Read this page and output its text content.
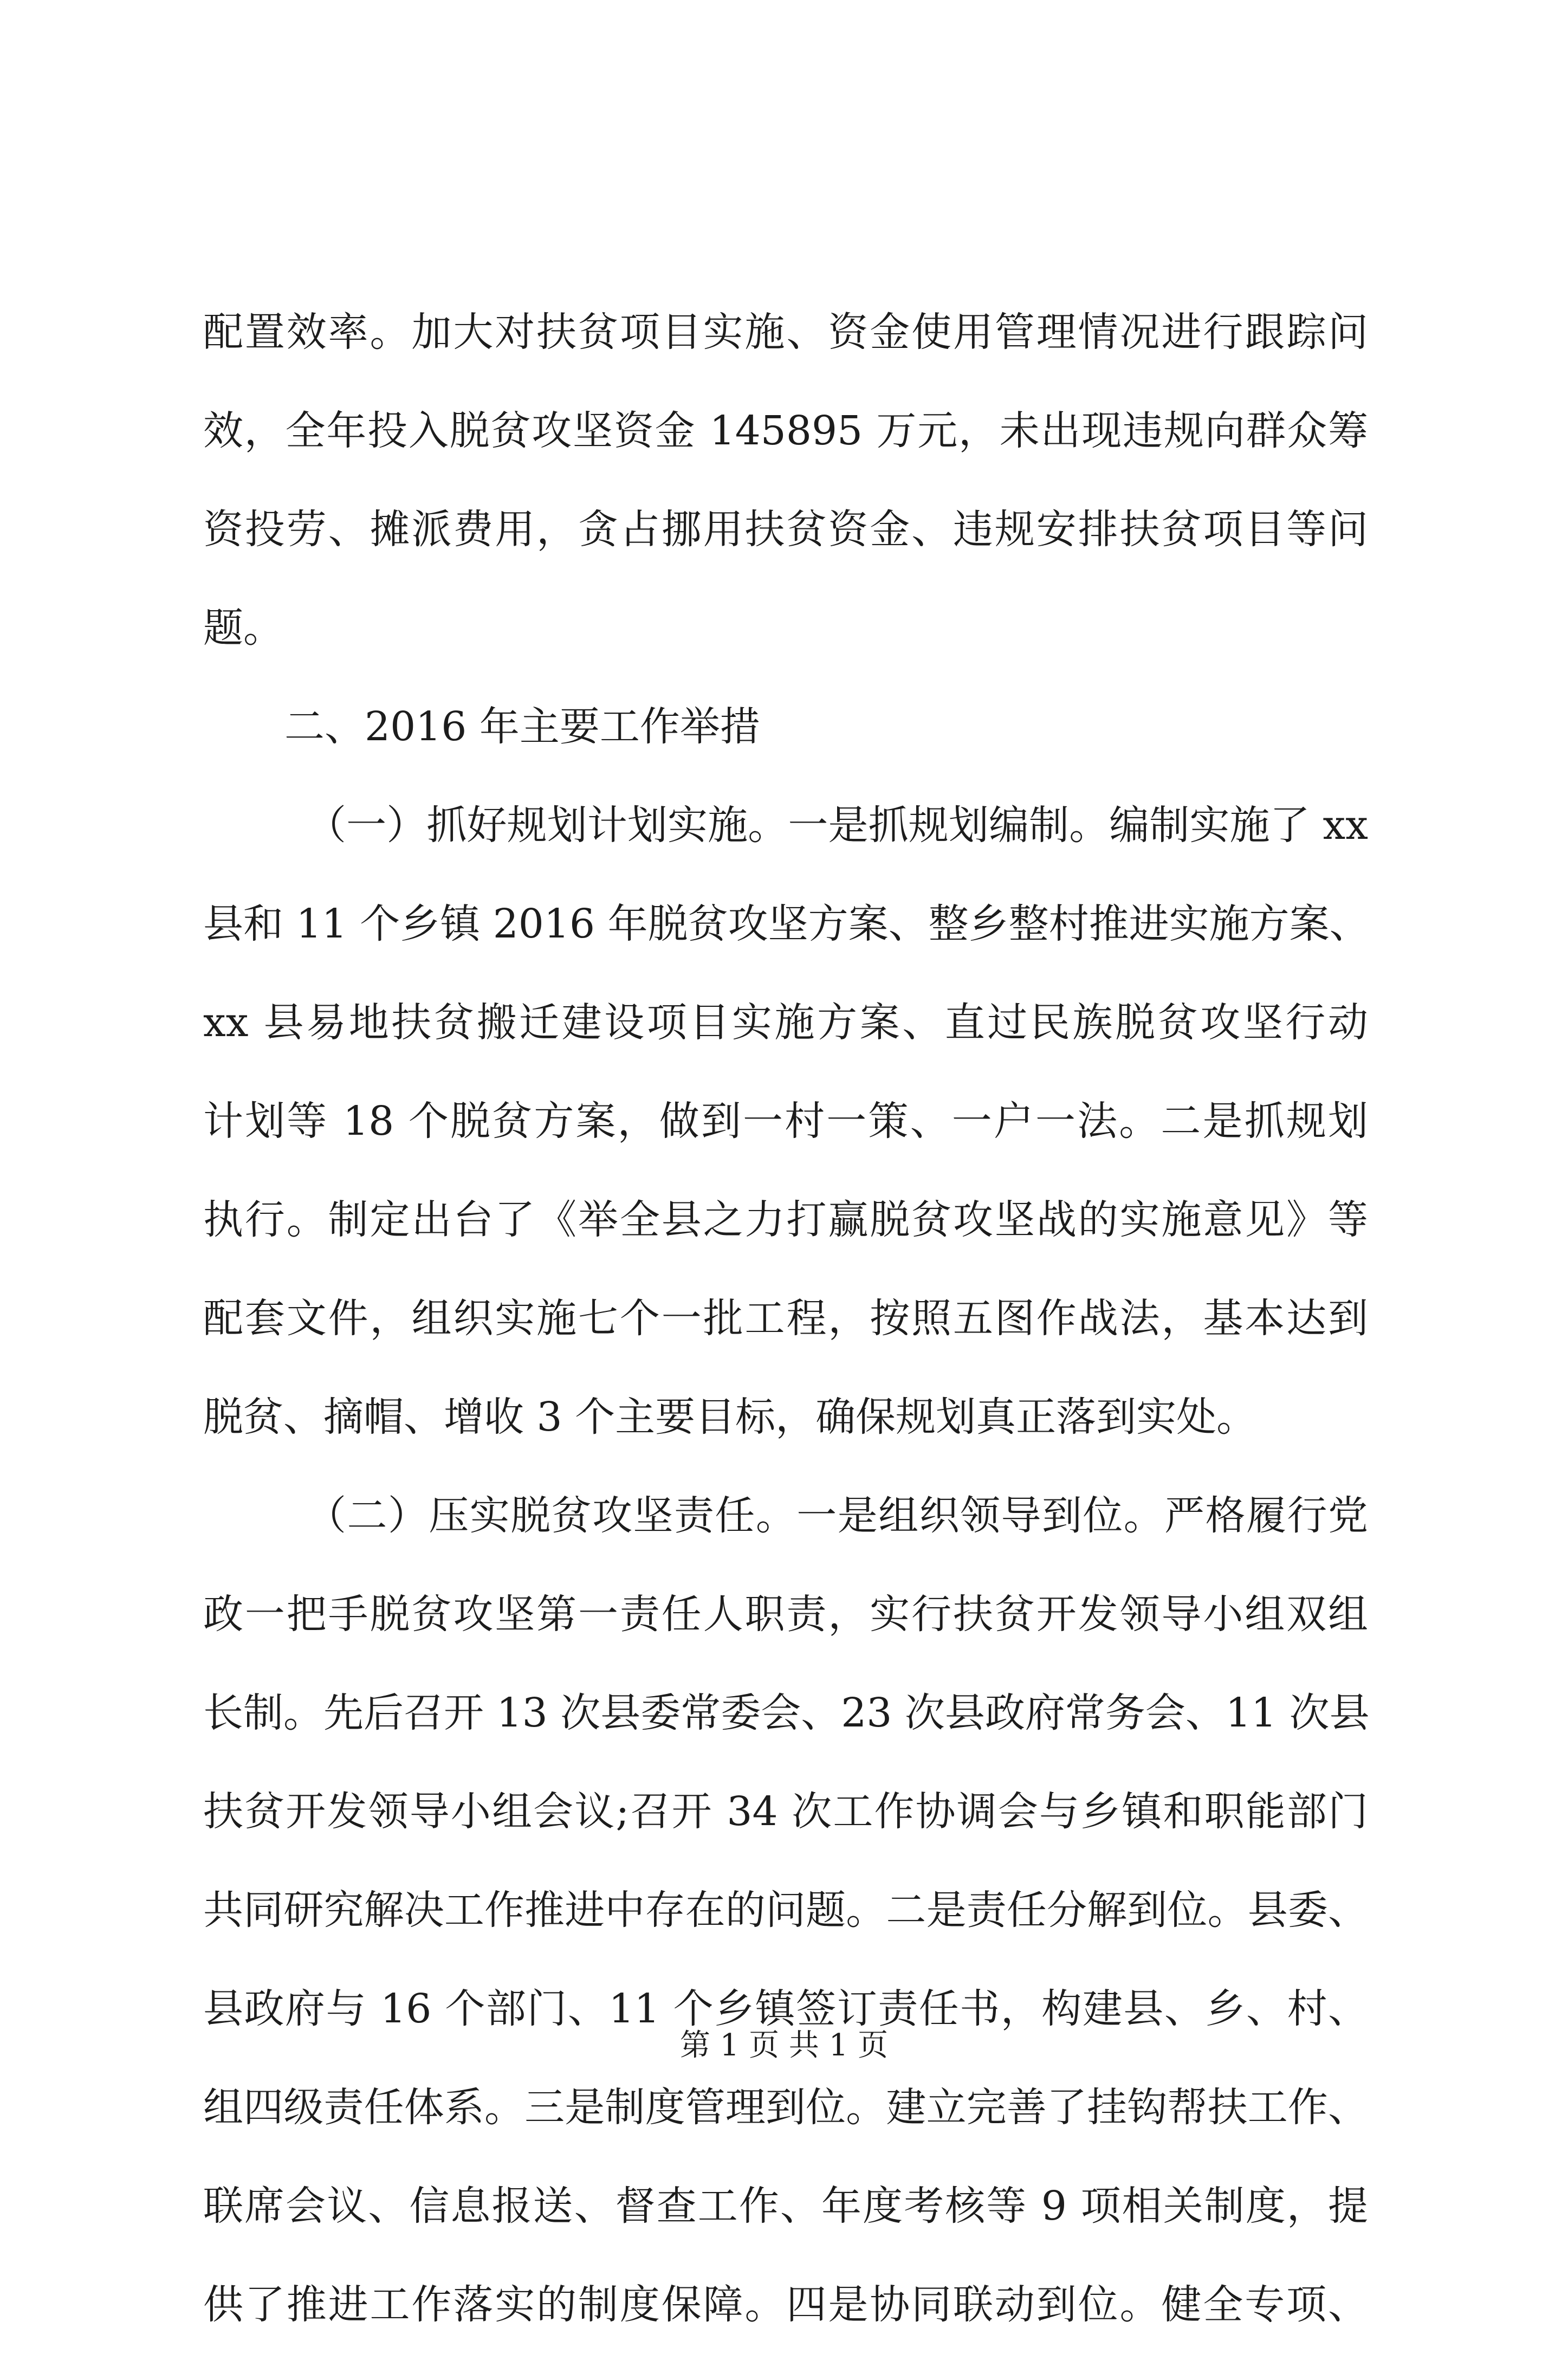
配置效率。加大对扶贫项目实施、资金使用管理情况进行跟踪问
效，全年投入脱贫攻坚资金 145895 万元，未出现违规向群众筹
资投劳、摊派费用，贪占挪用扶贫资金、违规安排扶贫项目等问
题。
二、2016 年主要工作举措
（一）抓好规划计划实施。一是抓规划编制。编制实施了 xx
县和 11 个乡镇 2016 年脱贫攻坚方案、整乡整村推进实施方案、
xx 县易地扶贫搬迁建设项目实施方案、直过民族脱贫攻坚行动
计划等 18 个脱贫方案，做到一村一策、一户一法。二是抓规划
执行。制定出台了《举全县之力打赢脱贫攻坚战的实施意见》等
配套文件，组织实施七个一批工程，按照五图作战法，基本达到
脱贫、摘帽、增收 3 个主要目标，确保规划真正落到实处。
（二）压实脱贫攻坚责任。一是组织领导到位。严格履行党
政一把手脱贫攻坚第一责任人职责，实行扶贫开发领导小组双组
长制。先后召开 13 次县委常委会、23 次县政府常务会、11 次县
扶贫开发领导小组会议;召开 34 次工作协调会与乡镇和职能部门
共同研究解决工作推进中存在的问题。二是责任分解到位。县委、
县政府与 16 个部门、11 个乡镇签订责任书，构建县、乡、村、
组四级责任体系。三是制度管理到位。建立完善了挂钩帮扶工作、
联席会议、信息报送、督查工作、年度考核等 9 项相关制度，提
供了推进工作落实的制度保障。四是协同联动到位。健全专项、
第 1 页 共 1 页
